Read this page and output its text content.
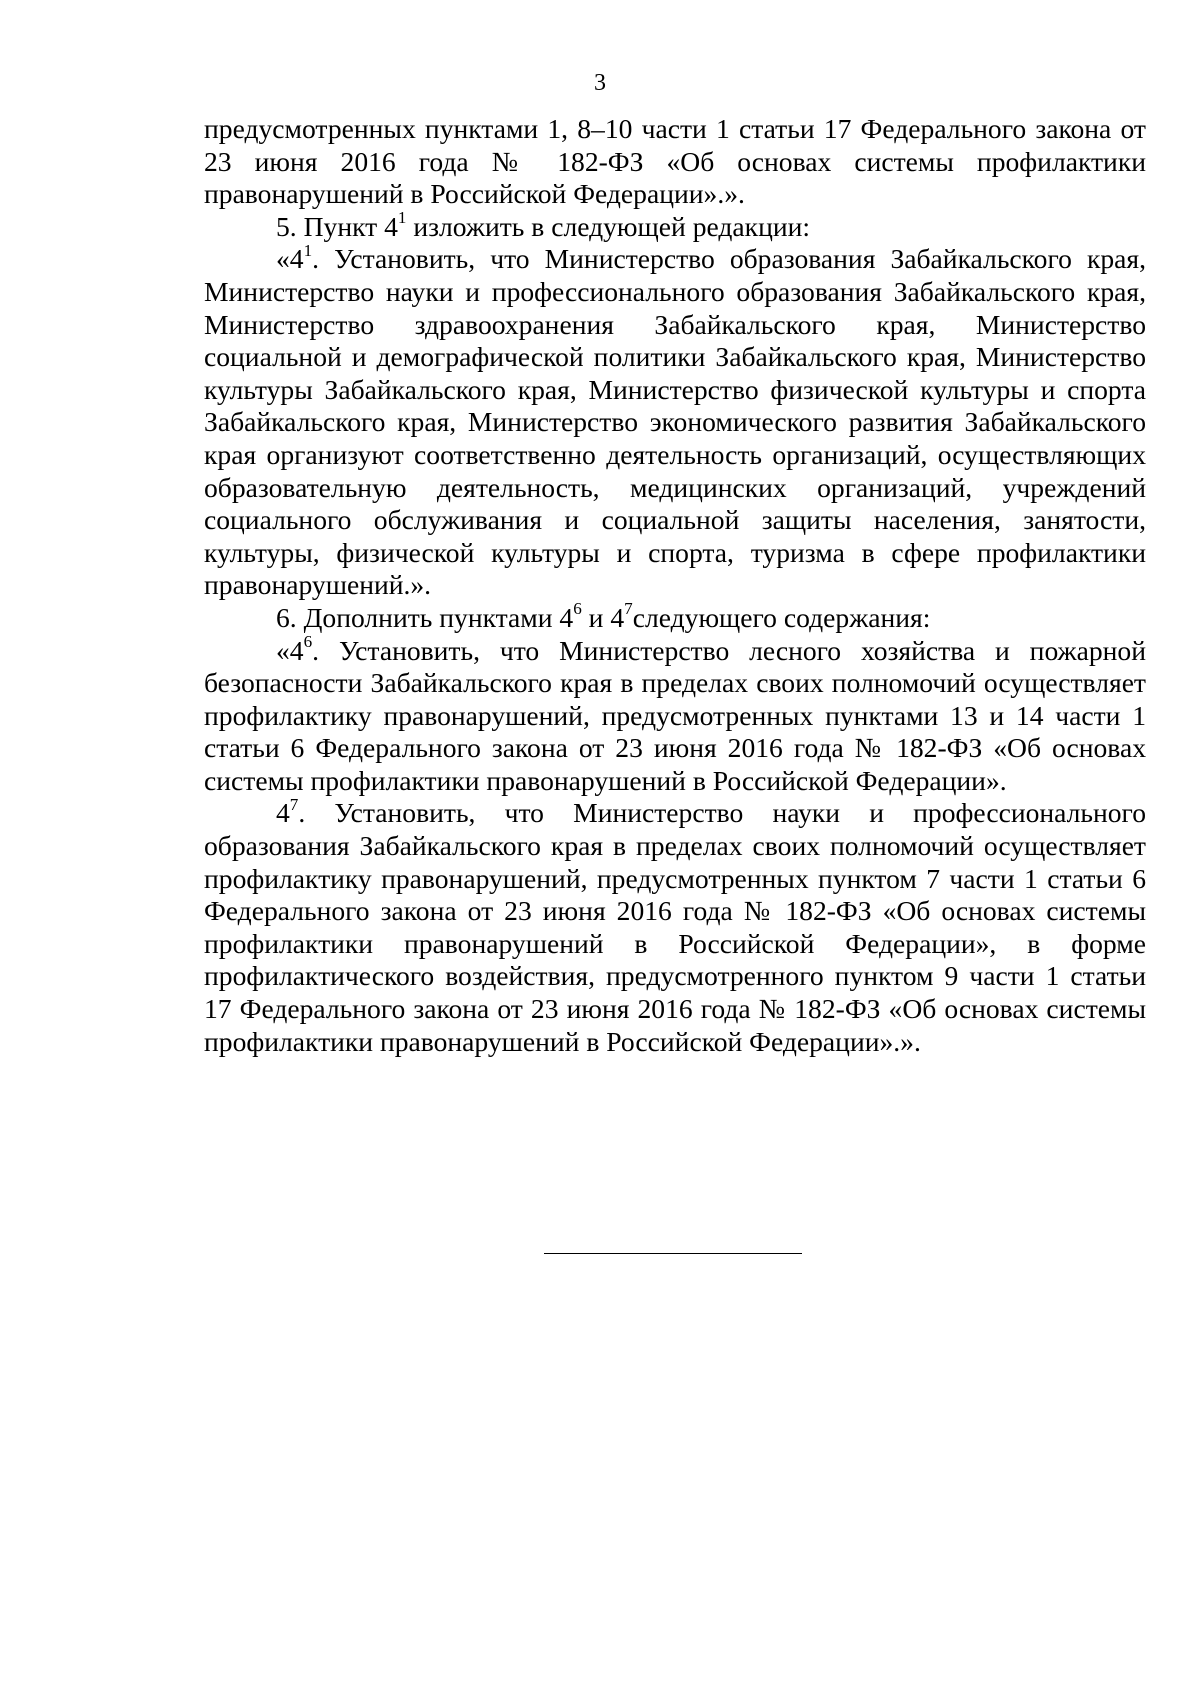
3

предусмотренных пунктами 1, 8–10 части 1 статьи 17 Федерального закона от 23 июня 2016 года № 182-ФЗ «Об основах системы профилактики правонарушений в Российской Федерации».».

5. Пункт $4^1$ изложить в следующей редакции:

«$4^1$. Установить, что Министерство образования Забайкальского края, Министерство науки и профессионального образования Забайкальского края, Министерство здравоохранения Забайкальского края, Министерство социальной и демографической политики Забайкальского края, Министерство культуры Забайкальского края, Министерство физической культуры и спорта Забайкальского края, Министерство экономического развития Забайкальского края организуют соответственно деятельность организаций, осуществляющих образовательную деятельность, медицинских организаций, учреждений социального обслуживания и социальной защиты населения, занятости, культуры, физической культуры и спорта, туризма в сфере профилактики правонарушений.».

6. Дополнить пунктами $4^6$ и $4^7следующего$ содержания:

«$4^6$. Установить, что Министерство лесного хозяйства и пожарной безопасности Забайкальского края в пределах своих полномочий осуществляет профилактику правонарушений, предусмотренных пунктами 13 и 14 части 1 статьи 6 Федерального закона от 23 июня 2016 года № 182-ФЗ «Об основах системы профилактики правонарушений в Российской Федерации».

$4^7$. Установить, что Министерство науки и профессионального образования Забайкальского края в пределах своих полномочий осуществляет профилактику правонарушений, предусмотренных пунктом 7 части 1 статьи 6 Федерального закона от 23 июня 2016 года № 182-ФЗ «Об основах системы профилактики правонарушений в Российской Федерации», в форме профилактического воздействия, предусмотренного пунктом 9 части 1 статьи 17 Федерального закона от 23 июня 2016 года № 182-ФЗ «Об основах системы профилактики правонарушений в Российской Федерации».».
